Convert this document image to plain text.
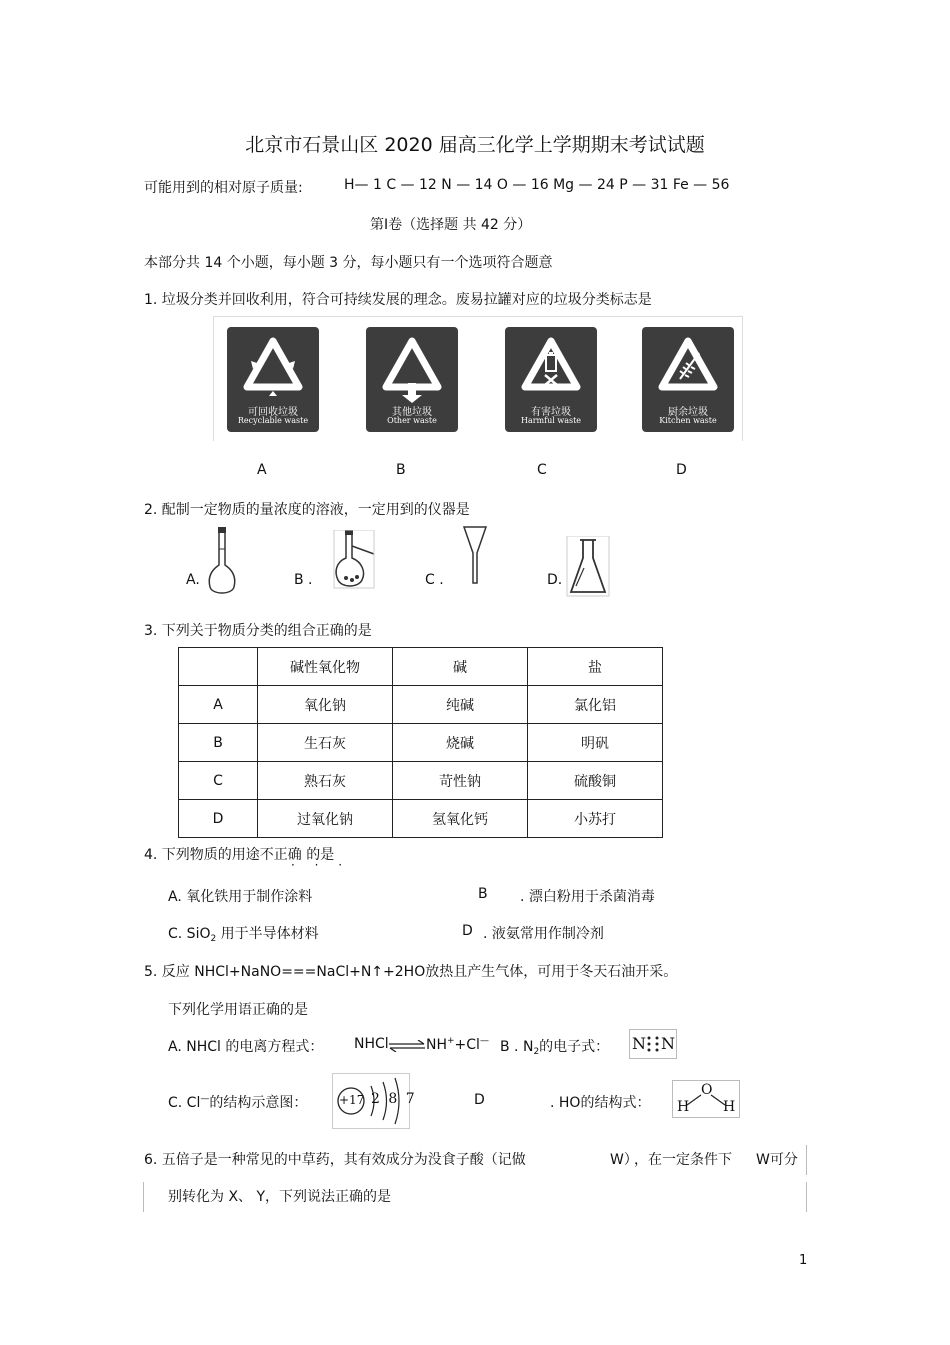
北京市石景山区 2020 届高三化学上学期期末考试试题
可能用到的相对原子质量:	H— 1 C — 12 N — 14 O — 16 Mg — 24 P — 31 Fe — 56
第Ⅰ卷（选择题 共 42 分）
本部分共 14 个小题，每小题 3 分，每小题只有一个选项符合题意
1. 垃圾分类并回收利用，符合可持续发展的理念。废易拉罐对应的垃圾分类标志是
可回收垃圾
Recyclable waste
其他垃圾
Other waste
有害垃圾
Harmful waste
厨余垃圾
Kitchen waste
A	B	C	D
2. 配制一定物质的量浓度的溶液，一定用到的仪器是
A.	B .	C .	D.
3. 下列关于物质分类的组合正确的是
	碱性氧化物	碱	盐
A	氧化钠	纯碱	氯化铝
B	生石灰	烧碱	明矾
C	熟石灰	苛性钠	硫酸铜
D	过氧化钠	氢氧化钙	小苏打
4. 下列物质的用途不正确 的是
· · ·
A. 氧化铁用于制作涂料	B . 漂白粉用于杀菌消毒
C. SiO$_2$ 用于半导体材料	D . 液氨常用作制冷剂
5. 反应 NHCl+NaNO===NaCl+N↑+2HO放热且产生气体，可用于冬天石油开采。
下列化学用语正确的是
A. NHCl 的电离方程式： NHCl ⇌ NH++Cl— B . $N_2$的电子式： N N
C. Cl—的结构示意图：	+17 2 8 7	D	. HO的结构式：
O
H H
6. 五倍子是一种常见的中草药，其有效成分为没食子酸（记做	W）
，在一定条件下 W可分
别转化为 X、 Y，下列说法正确的是
1
